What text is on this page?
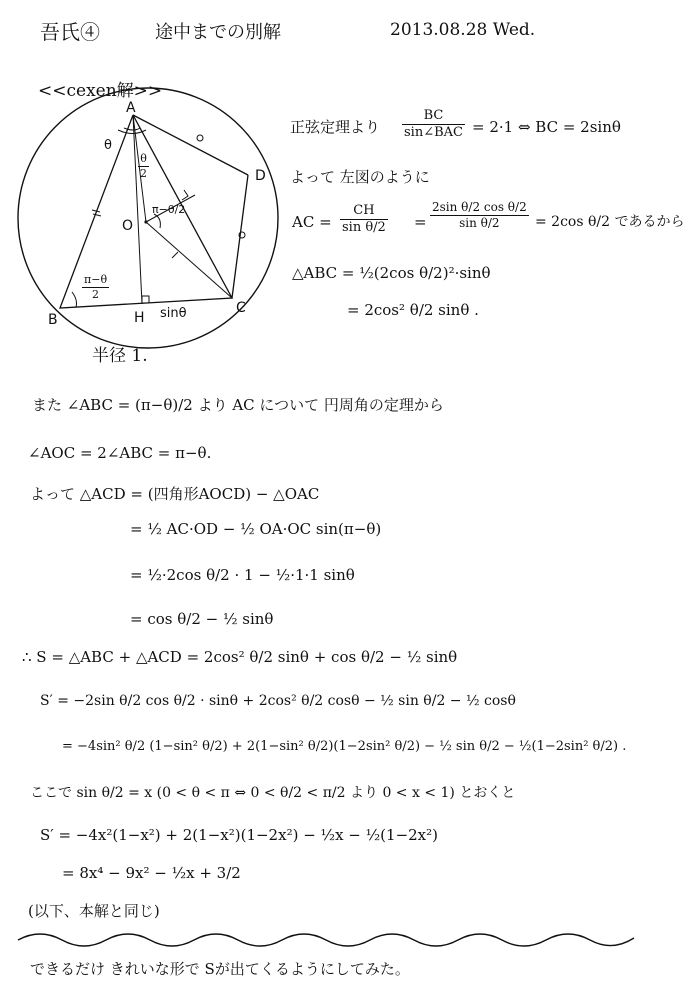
吾氏④	途中までの別解	2013.08.28 Wed.
<<cexen解>>
A
B
C
D
H
O
θ
$\frac{\theta}{2}$
π−θ/2
$\frac{\pi-\theta}{2}$
sinθ
半径 1.
正弦定理より
BC
sin∠BAC = 2·1 ⇔ BC = 2sinθ
よって 左図のように
AC = $\frac{CH}{\text{sin θ/2}} = \frac{\text{2sin θ/2 cos θ/2}}{\text{sin θ/2}} = 2\cos$ θ/2 であるから
△ABC = ½(2cos θ/2)²·sinθ
= 2cos² θ/2 sinθ .
また ∠ABC = (π−θ)/2 より AC について 円周角の定理から
∠AOC = 2∠ABC = π−θ.
よって △ACD = (四角形AOCD) − △OAC
= ½ AC·OD − ½ OA·OC sin(π−θ)
= ½·2cos θ/2 · 1 − ½·1·1 sinθ
= cos θ/2 − ½ sinθ
∴ S = △ABC + △ACD = 2cos² θ/2 sinθ + cos θ/2 − ½ sinθ
S′ = −2sin θ/2 cos θ/2 · sinθ + 2cos² θ/2 cosθ − ½ sin θ/2 − ½ cosθ
= −4sin² θ/2 (1−sin² θ/2) + 2(1−sin² θ/2)(1−2sin² θ/2) − ½ sin θ/2 − ½(1−2sin² θ/2) .
ここで sin θ/2 = x (0 < θ < π ⇔ 0 < θ/2 < π/2 より 0 < x < 1) とおくと
S′ = −4x²(1−x²) + 2(1−x²)(1−2x²) − ½x − ½(1−2x²)
= 8x⁴ − 9x² − ½x + 3/2
(以下、本解と同じ)
できるだけ きれいな形で Sが出てくるようにしてみた。
